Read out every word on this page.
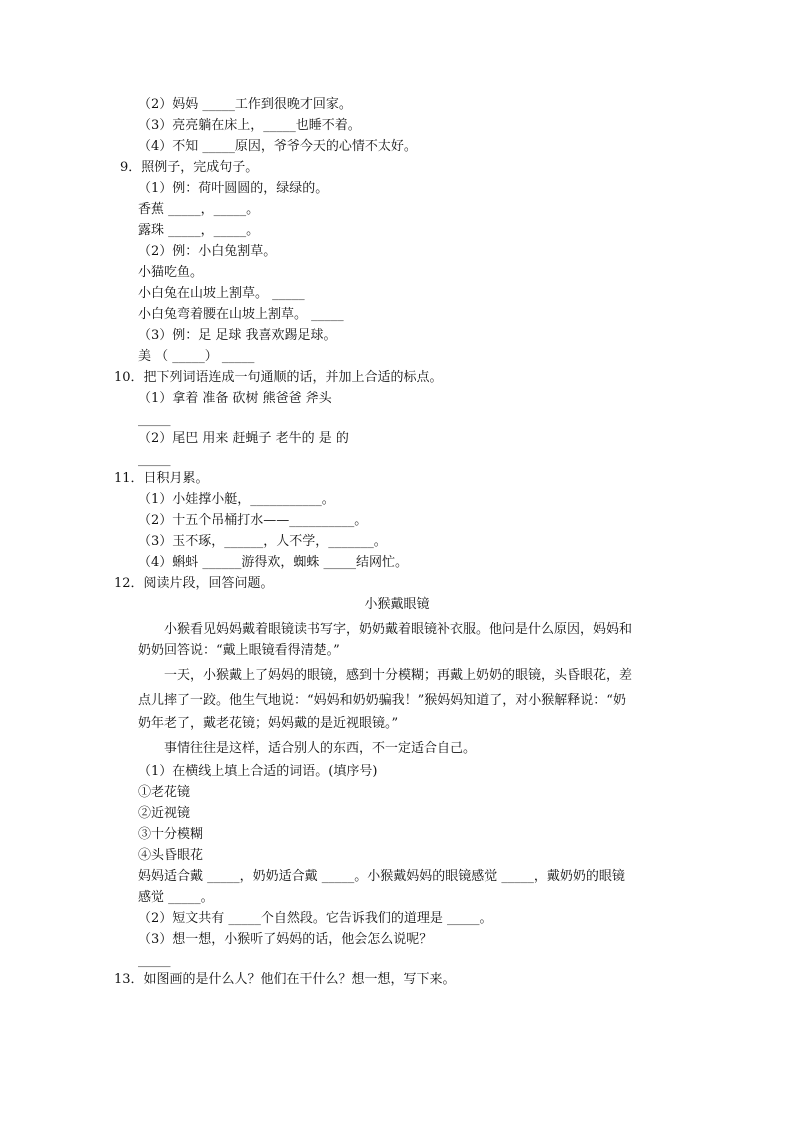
（2）妈妈 _____工作到很晚才回家。
（3）亮亮躺在床上，_____也睡不着。
（4）不知 _____原因，爷爷今天的心情不太好。
9．照例子，完成句子。
（1）例：荷叶圆圆的，绿绿的。
香蕉 _____，_____。
露珠 _____，_____。
（2）例：小白兔割草。
小猫吃鱼。
小白兔在山坡上割草。 _____
小白兔弯着腰在山坡上割草。 _____
（3）例：足 足球 我喜欢踢足球。
美 （ _____） _____
10．把下列词语连成一句通顺的话，并加上合适的标点。
（1）拿着 准备 砍树 熊爸爸 斧头
_____
（2）尾巴 用来 赶蝇子 老牛的 是 的
_____
11．日积月累。
（1）小娃撑小艇，___________。
（2）十五个吊桶打水——__________。
（3）玉不琢，______，人不学，_______。
（4）蝌蚪 ______游得欢，蜘蛛 _____结网忙。
12．阅读片段，回答问题。
小猴戴眼镜
小猴看见妈妈戴着眼镜读书写字，奶奶戴着眼镜补衣服。他问是什么原因，妈妈和
奶奶回答说：“戴上眼镜看得清楚。”
一天，小猴戴上了妈妈的眼镜，感到十分模糊；再戴上奶奶的眼镜，头昏眼花，差
点儿摔了一跤。他生气地说：“妈妈和奶奶骗我！”猴妈妈知道了，对小猴解释说：“奶
奶年老了，戴老花镜；妈妈戴的是近视眼镜。”
事情往往是这样，适合别人的东西，不一定适合自己。
（1）在横线上填上合适的词语。(填序号)
①老花镜
②近视镜
③十分模糊
④头昏眼花
妈妈适合戴 _____，奶奶适合戴 _____。小猴戴妈妈的眼镜感觉 _____，戴奶奶的眼镜
感觉 _____。
（2）短文共有 _____个自然段。它告诉我们的道理是 _____。
（3）想一想，小猴听了妈妈的话，他会怎么说呢？
_____
13．如图画的是什么人？他们在干什么？想一想，写下来。
